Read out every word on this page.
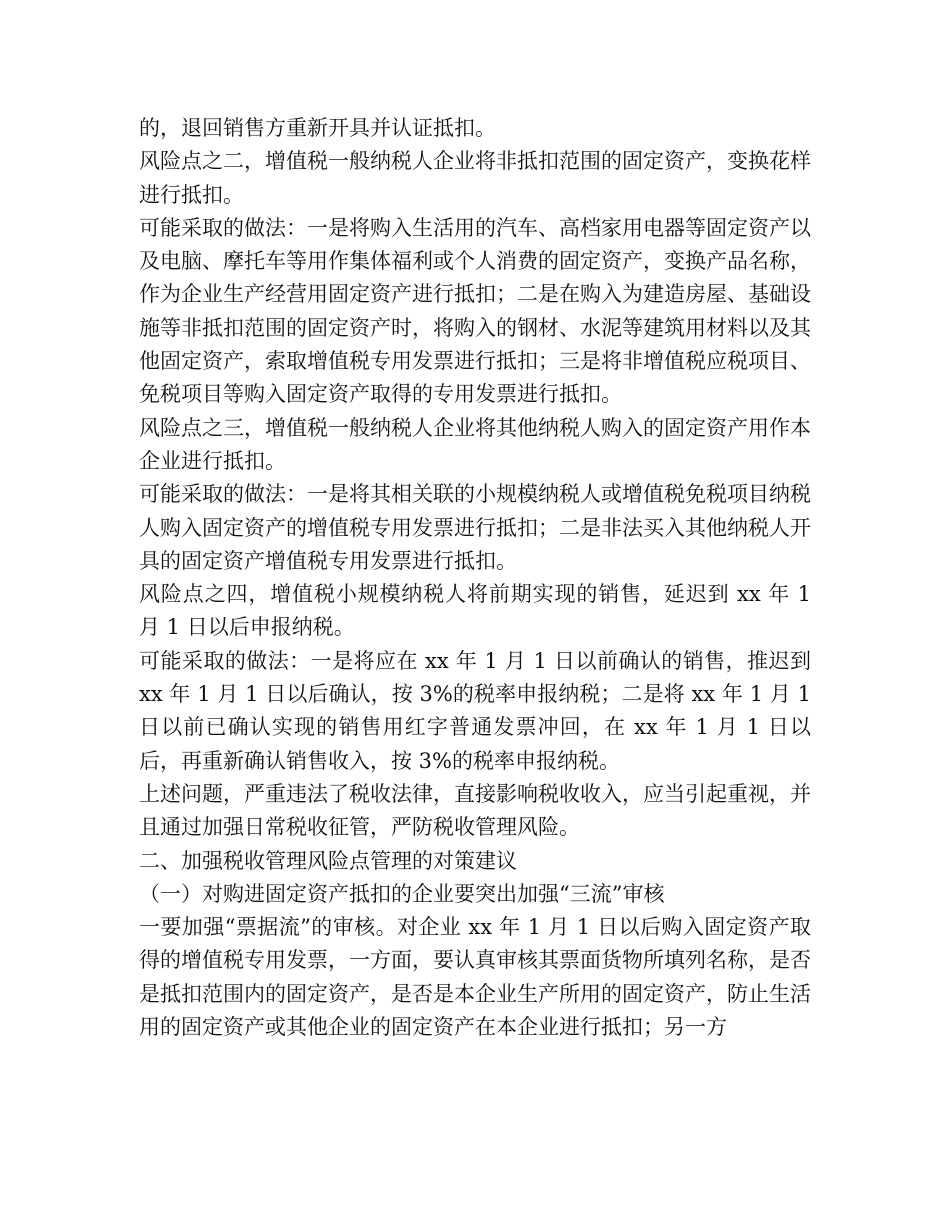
的，退回销售方重新开具并认证抵扣。

风险点之二，增值税一般纳税人企业将非抵扣范围的固定资产，变换花样进行抵扣。

可能采取的做法：一是将购入生活用的汽车、高档家用电器等固定资产以及电脑、摩托车等用作集体福利或个人消费的固定资产，变换产品名称，作为企业生产经营用固定资产进行抵扣；二是在购入为建造房屋、基础设施等非抵扣范围的固定资产时，将购入的钢材、水泥等建筑用材料以及其他固定资产，索取增值税专用发票进行抵扣；三是将非增值税应税项目、免税项目等购入固定资产取得的专用发票进行抵扣。

风险点之三，增值税一般纳税人企业将其他纳税人购入的固定资产用作本企业进行抵扣。

可能采取的做法：一是将其相关联的小规模纳税人或增值税免税项目纳税人购入固定资产的增值税专用发票进行抵扣；二是非法买入其他纳税人开具的固定资产增值税专用发票进行抵扣。

风险点之四，增值税小规模纳税人将前期实现的销售，延迟到 xx 年 1 月 1 日以后申报纳税。

可能采取的做法：一是将应在 xx 年 1 月 1 日以前确认的销售，推迟到 xx 年 1 月 1 日以后确认，按 3%的税率申报纳税；二是将 xx 年 1 月 1 日以前已确认实现的销售用红字普通发票冲回，在 xx 年 1 月 1 日以后，再重新确认销售收入，按 3%的税率申报纳税。

上述问题，严重违法了税收法律，直接影响税收收入，应当引起重视，并且通过加强日常税收征管，严防税收管理风险。

二、加强税收管理风险点管理的对策建议

（一）对购进固定资产抵扣的企业要突出加强“三流”审核

一要加强“票据流”的审核。对企业 xx 年 1 月 1 日以后购入固定资产取得的增值税专用发票，一方面，要认真审核其票面货物所填列名称，是否是抵扣范围内的固定资产，是否是本企业生产所用的固定资产，防止生活用的固定资产或其他企业的固定资产在本企业进行抵扣；另一方
